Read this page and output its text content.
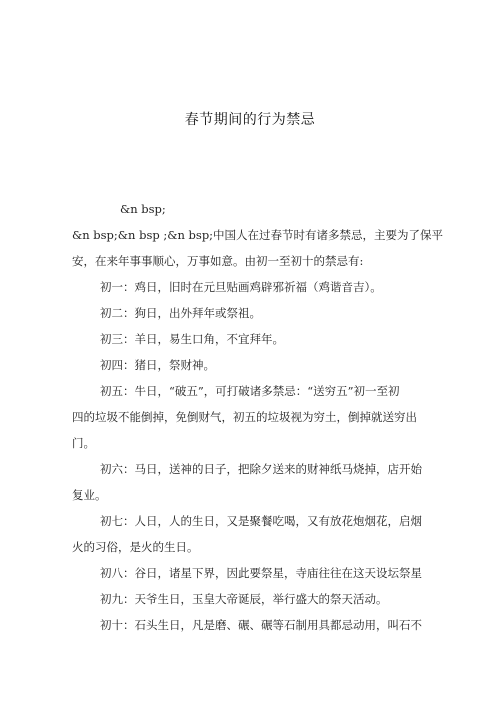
春节期间的行为禁忌
&n bsp;
&n bsp;&n bsp ;&n bsp;中国人在过春节时有诸多禁忌，主要为了保平
安，在来年事事顺心，万事如意。由初一至初十的禁忌有:
初一：鸡日，旧时在元旦贴画鸡辟邪祈福（鸡谐音吉）。
初二：狗日，出外拜年或祭祖。
初三：羊日，易生口角，不宜拜年。
初四：猪日，祭财神。
初五：牛日，“破五”，可打破诸多禁忌：“送穷五”初一至初
四的垃圾不能倒掉，免倒财气，初五的垃圾视为穷土，倒掉就送穷出
门。
初六：马日，送神的日子，把除夕送来的财神纸马烧掉，店开始
复业。
初七：人日，人的生日，又是聚餐吃喝，又有放花炮烟花，启烟
火的习俗，是火的生日。
初八：谷日，诸星下界，因此要祭星，寺庙往往在这天设坛祭星
初九：天爷生日，玉皇大帝诞辰，举行盛大的祭天活动。
初十：石头生日，凡是磨、碾、碾等石制用具都忌动用，叫石不
